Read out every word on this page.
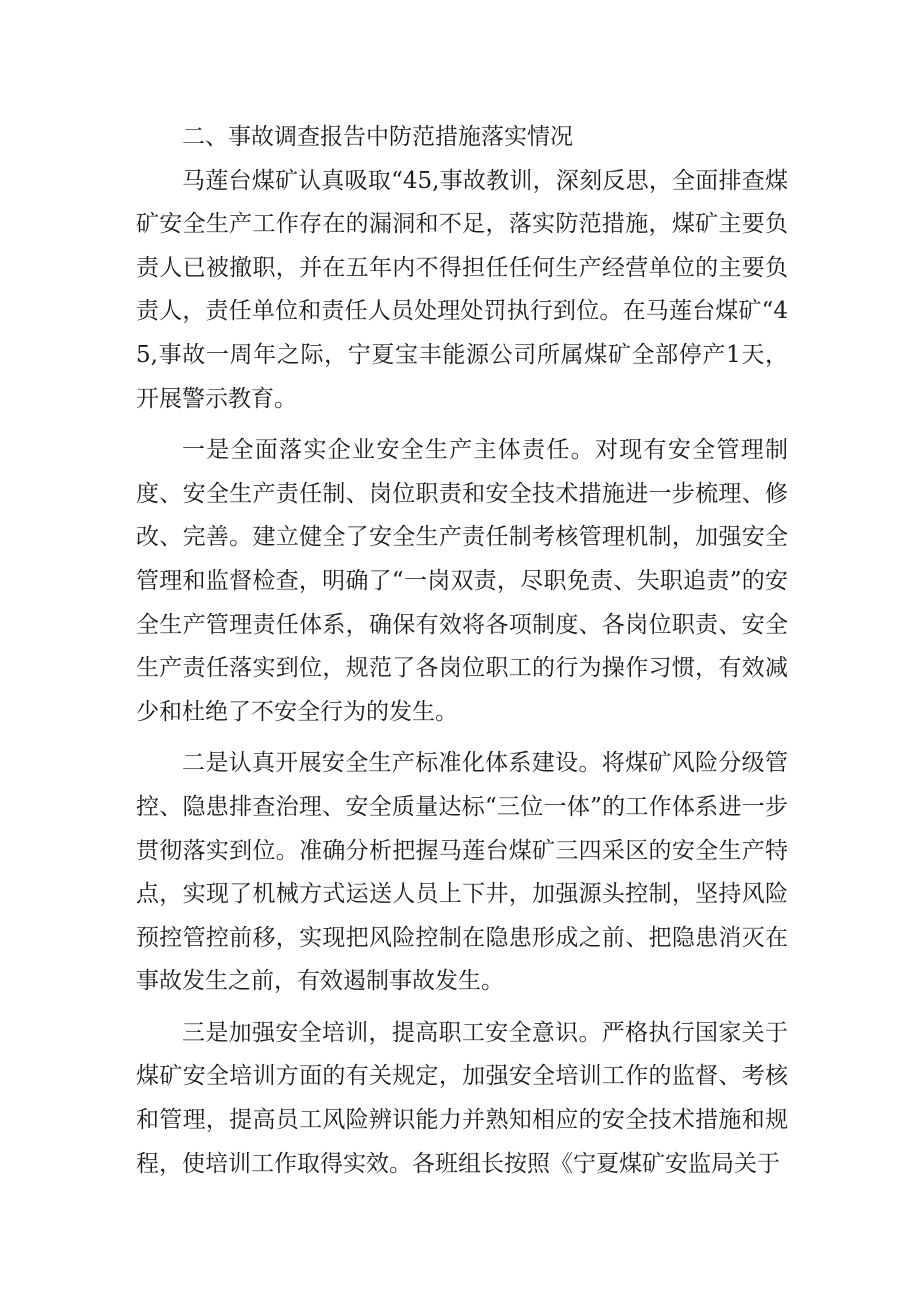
二、事故调查报告中防范措施落实情况

马莲台煤矿认真吸取“45,事故教训，深刻反思，全面排查煤矿安全生产工作存在的漏洞和不足，落实防范措施，煤矿主要负责人已被撤职，并在五年内不得担任任何生产经营单位的主要负责人，责任单位和责任人员处理处罚执行到位。在马莲台煤矿“45,事故一周年之际，宁夏宝丰能源公司所属煤矿全部停产1天，开展警示教育。

一是全面落实企业安全生产主体责任。对现有安全管理制度、安全生产责任制、岗位职责和安全技术措施进一步梳理、修改、完善。建立健全了安全生产责任制考核管理机制，加强安全管理和监督检查，明确了“一岗双责，尽职免责、失职追责”的安全生产管理责任体系，确保有效将各项制度、各岗位职责、安全生产责任落实到位，规范了各岗位职工的行为操作习惯，有效减少和杜绝了不安全行为的发生。

二是认真开展安全生产标准化体系建设。将煤矿风险分级管控、隐患排查治理、安全质量达标“三位一体”的工作体系进一步贯彻落实到位。准确分析把握马莲台煤矿三四采区的安全生产特点，实现了机械方式运送人员上下井，加强源头控制，坚持风险预控管控前移，实现把风险控制在隐患形成之前、把隐患消灭在事故发生之前，有效遏制事故发生。

三是加强安全培训，提高职工安全意识。严格执行国家关于煤矿安全培训方面的有关规定，加强安全培训工作的监督、考核和管理，提高员工风险辨识能力并熟知相应的安全技术措施和规程，使培训工作取得实效。各班组长按照《宁夏煤矿安监局关于
